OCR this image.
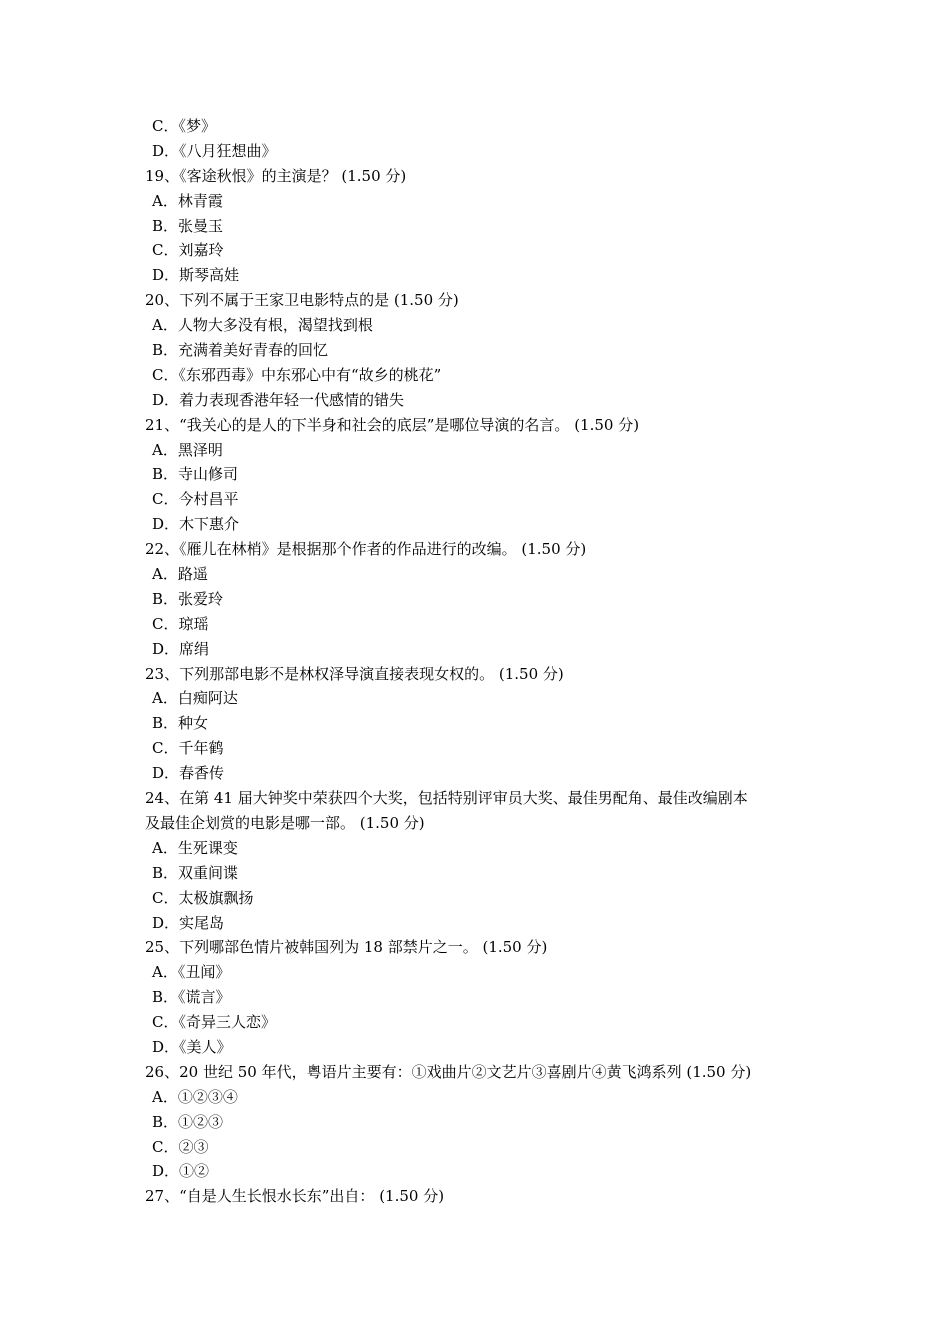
C．《梦》
D．《八月狂想曲》
19、《客途秋恨》的主演是？ (1.50 分)
A．林青霞
B．张曼玉
C．刘嘉玲
D．斯琴高娃
20、下列不属于王家卫电影特点的是 (1.50 分)
A．人物大多没有根，渴望找到根
B．充满着美好青春的回忆
C．《东邪西毒》中东邪心中有“故乡的桃花”
D．着力表现香港年轻一代感情的错失
21、“我关心的是人的下半身和社会的底层”是哪位导演的名言。 (1.50 分)
A．黑泽明
B．寺山修司
C．今村昌平
D．木下惠介
22、《雁儿在林梢》是根据那个作者的作品进行的改编。 (1.50 分)
A．路遥
B．张爱玲
C．琼瑶
D．席绢
23、下列那部电影不是林权泽导演直接表现女权的。 (1.50 分)
A．白痴阿达
B．种女
C．千年鹤
D．春香传
24、在第 41 届大钟奖中荣获四个大奖，包括特别评审员大奖、最佳男配角、最佳改编剧本
及最佳企划赏的电影是哪一部。 (1.50 分)
A．生死课变
B．双重间谍
C．太极旗飘扬
D．实尾岛
25、下列哪部色情片被韩国列为 18 部禁片之一。 (1.50 分)
A．《丑闻》
B．《谎言》
C．《奇异三人恋》
D．《美人》
26、20 世纪 50 年代，粤语片主要有：①戏曲片②文艺片③喜剧片④黄飞鸿系列 (1.50 分)
A．①②③④
B．①②③
C．②③
D．①②
27、“自是人生长恨水长东”出自： (1.50 分)
